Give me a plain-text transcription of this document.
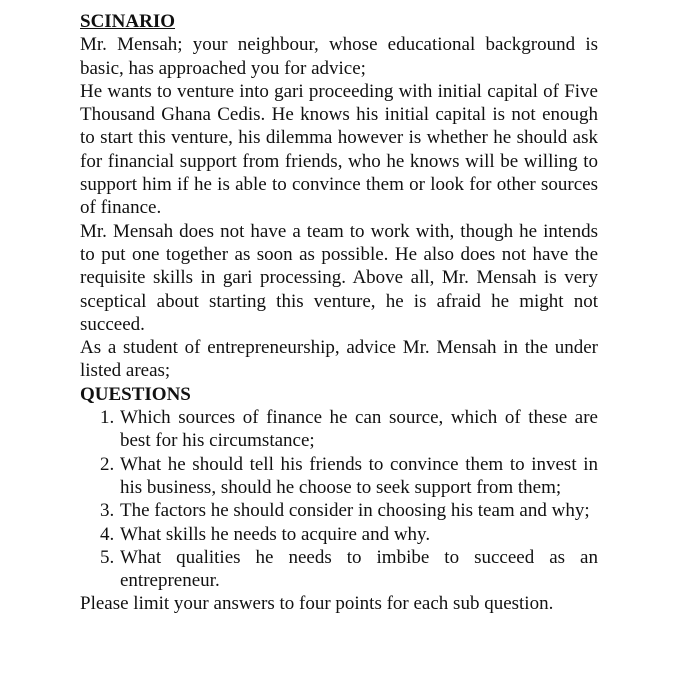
SCINARIO

Mr. Mensah; your neighbour, whose educational background is basic, has approached you for advice;

He wants to venture into gari proceeding with initial capital of Five Thousand Ghana Cedis. He knows his initial capital is not enough to start this venture, his dilemma however is whether he should ask for financial support from friends, who he knows will be willing to support him if he is able to convince them or look for other sources of finance.

Mr. Mensah does not have a team to work with, though he intends to put one together as soon as possible. He also does not have the requisite skills in gari processing. Above all, Mr. Mensah is very sceptical about starting this venture, he is afraid he might not succeed.

As a student of entrepreneurship, advice Mr. Mensah in the under listed areas;

QUESTIONS
1. Which sources of finance he can source, which of these are best for his circumstance;
2. What he should tell his friends to convince them to invest in his business, should he choose to seek support from them;
3. The factors he should consider in choosing his team and why;
4. What skills he needs to acquire and why.
5. What qualities he needs to imbibe to succeed as an entrepreneur.

Please limit your answers to four points for each sub question.
